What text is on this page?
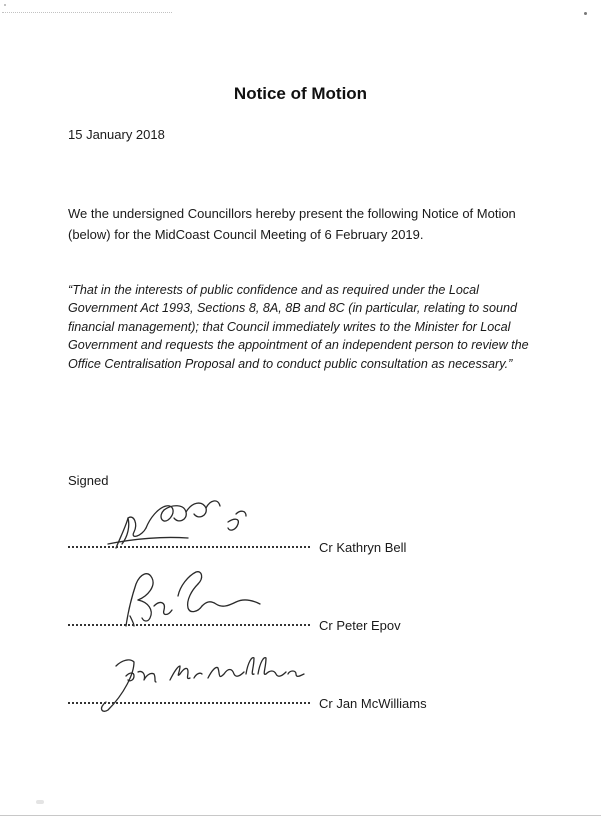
Notice of Motion
15 January 2018
We the undersigned Councillors hereby present the following Notice of Motion (below) for the MidCoast Council Meeting of 6 February 2019.
“That in the interests of public confidence and as required under the Local Government Act 1993, Sections 8, 8A, 8B and 8C (in particular, relating to sound financial management); that Council immediately writes to the Minister for Local Government and requests the appointment of an independent person to review the Office Centralisation Proposal and to conduct public consultation as necessary.”
Signed
Cr Kathryn Bell
Cr Peter Epov
Cr Jan McWilliams
